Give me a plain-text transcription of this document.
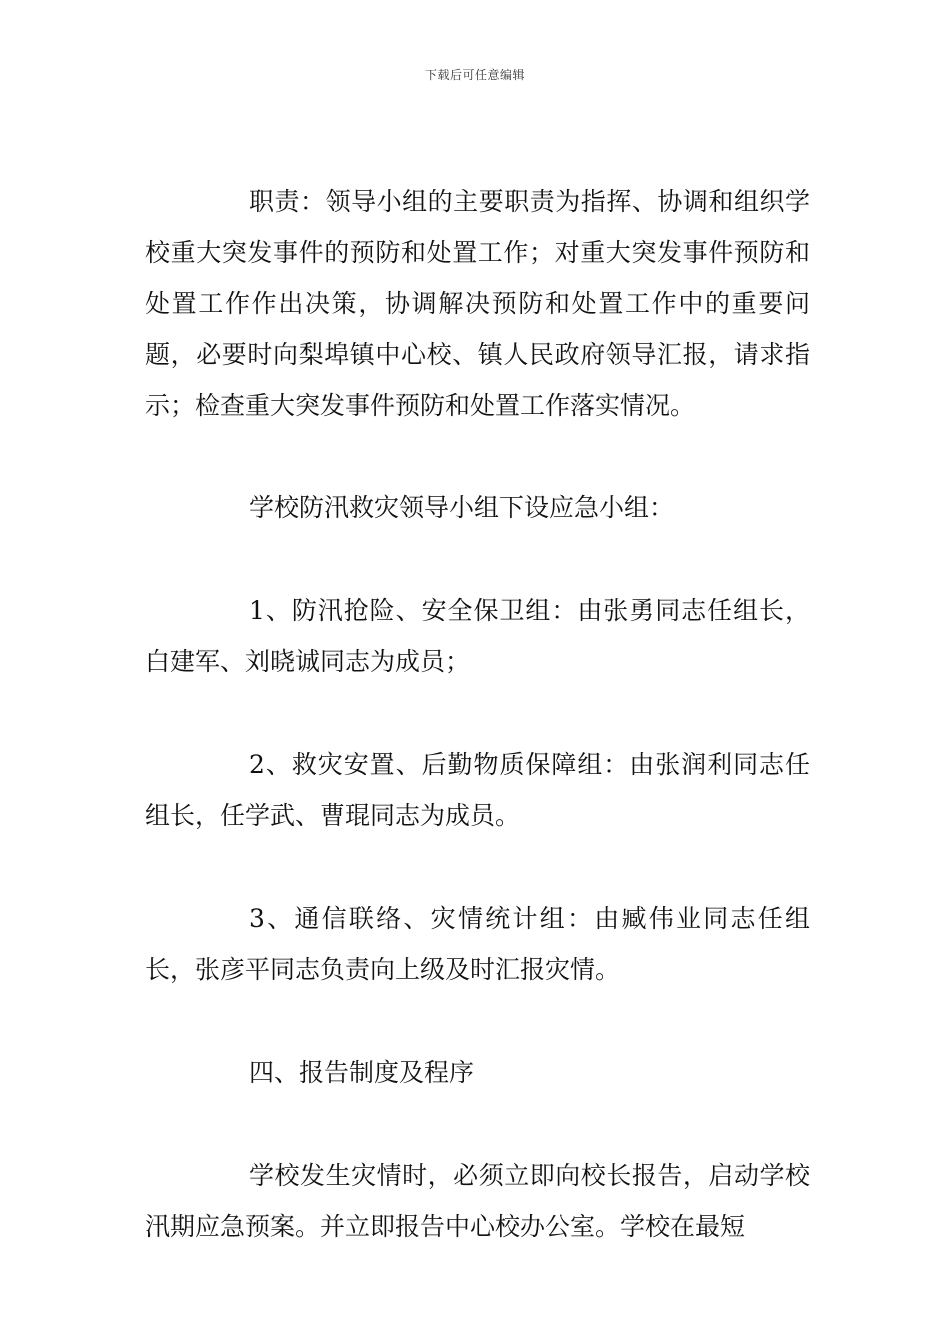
下载后可任意编辑

职责：领导小组的主要职责为指挥、协调和组织学校重大突发事件的预防和处置工作；对重大突发事件预防和处置工作作出决策，协调解决预防和处置工作中的重要问题，必要时向梨埠镇中心校、镇人民政府领导汇报，请求指示；检查重大突发事件预防和处置工作落实情况。

学校防汛救灾领导小组下设应急小组：

1、防汛抢险、安全保卫组：由张勇同志任组长，白建军、刘晓诚同志为成员；

2、救灾安置、后勤物质保障组：由张润利同志任组长，任学武、曹琨同志为成员。

3、通信联络、灾情统计组：由臧伟业同志任组长，张彦平同志负责向上级及时汇报灾情。

四、报告制度及程序

学校发生灾情时，必须立即向校长报告，启动学校汛期应急预案。并立即报告中心校办公室。学校在最短
